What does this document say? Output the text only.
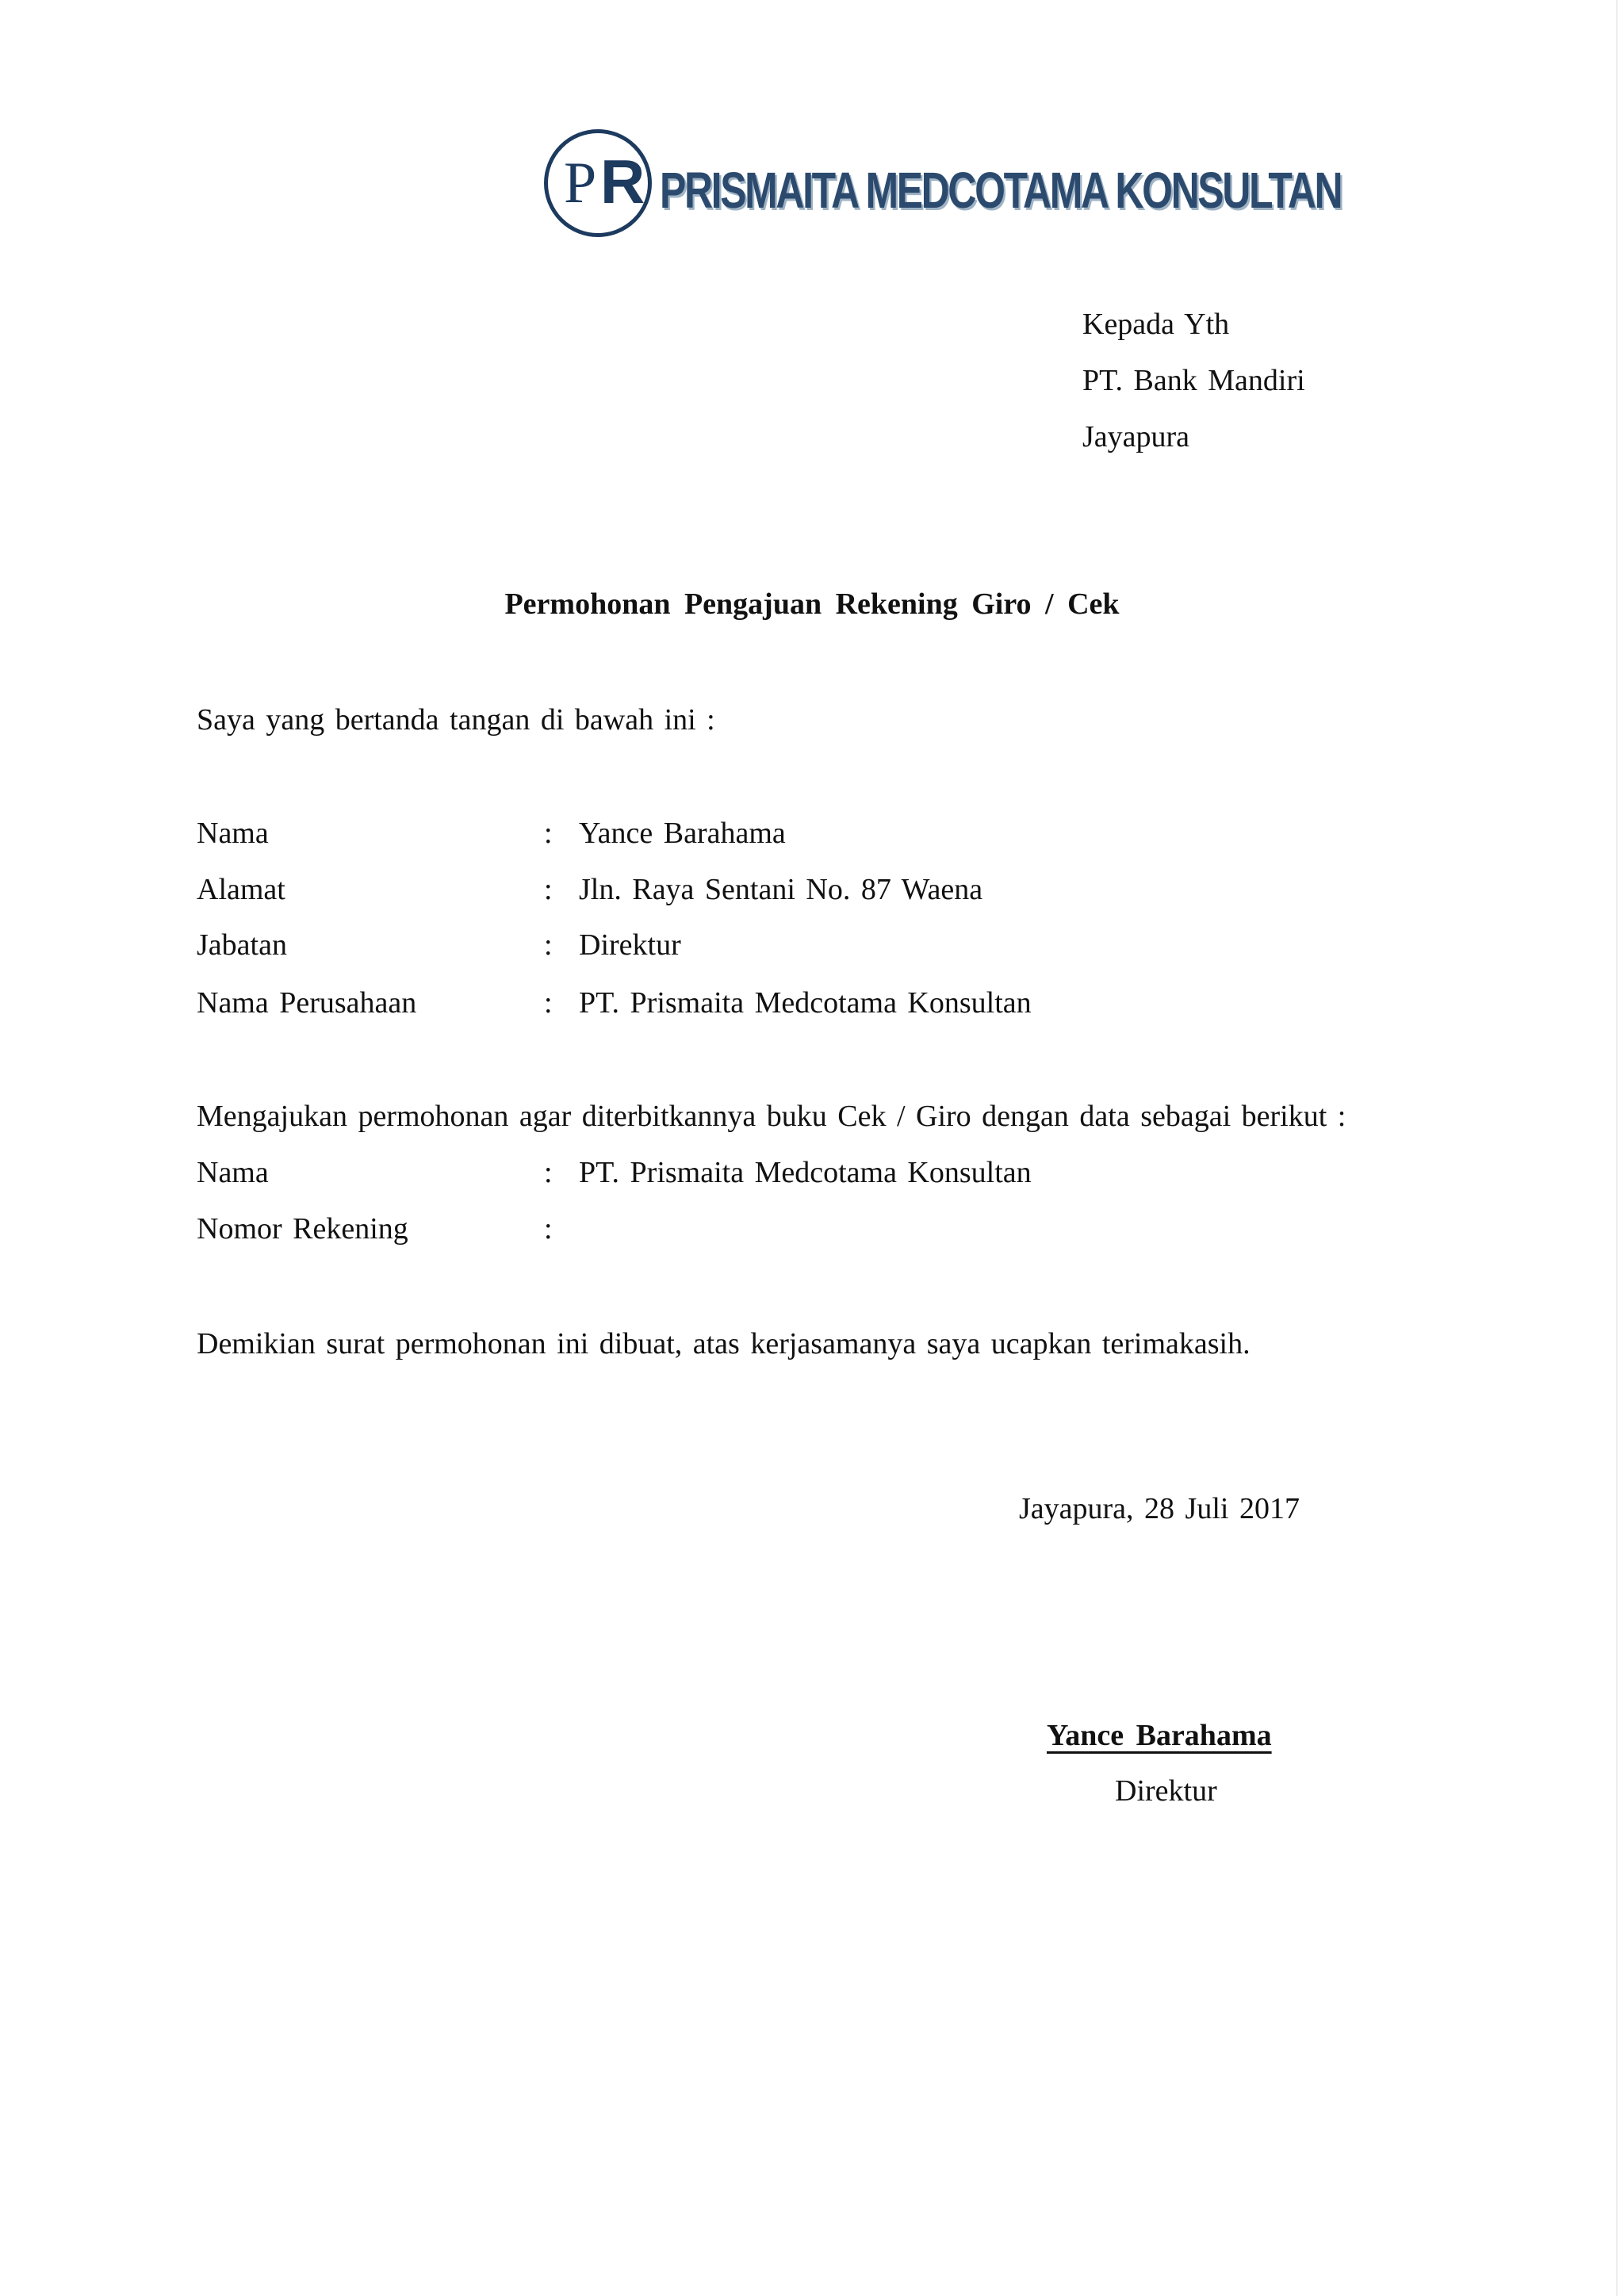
P R PRISMAITA MEDCOTAMA KONSULTAN
Kepada Yth
PT. Bank Mandiri
Jayapura
Permohonan Pengajuan Rekening Giro / Cek
Saya yang bertanda tangan di bawah ini :
Nama	: Yance Barahama
Alamat	: Jln. Raya Sentani No. 87 Waena
Jabatan	: Direktur
Nama Perusahaan	: PT. Prismaita Medcotama Konsultan
Mengajukan permohonan agar diterbitkannya buku Cek / Giro dengan data sebagai berikut :
Nama	: PT. Prismaita Medcotama Konsultan
Nomor Rekening	:
Demikian surat permohonan ini dibuat, atas kerjasamanya saya ucapkan terimakasih.
Jayapura, 28 Juli 2017
Yance Barahama
Direktur
